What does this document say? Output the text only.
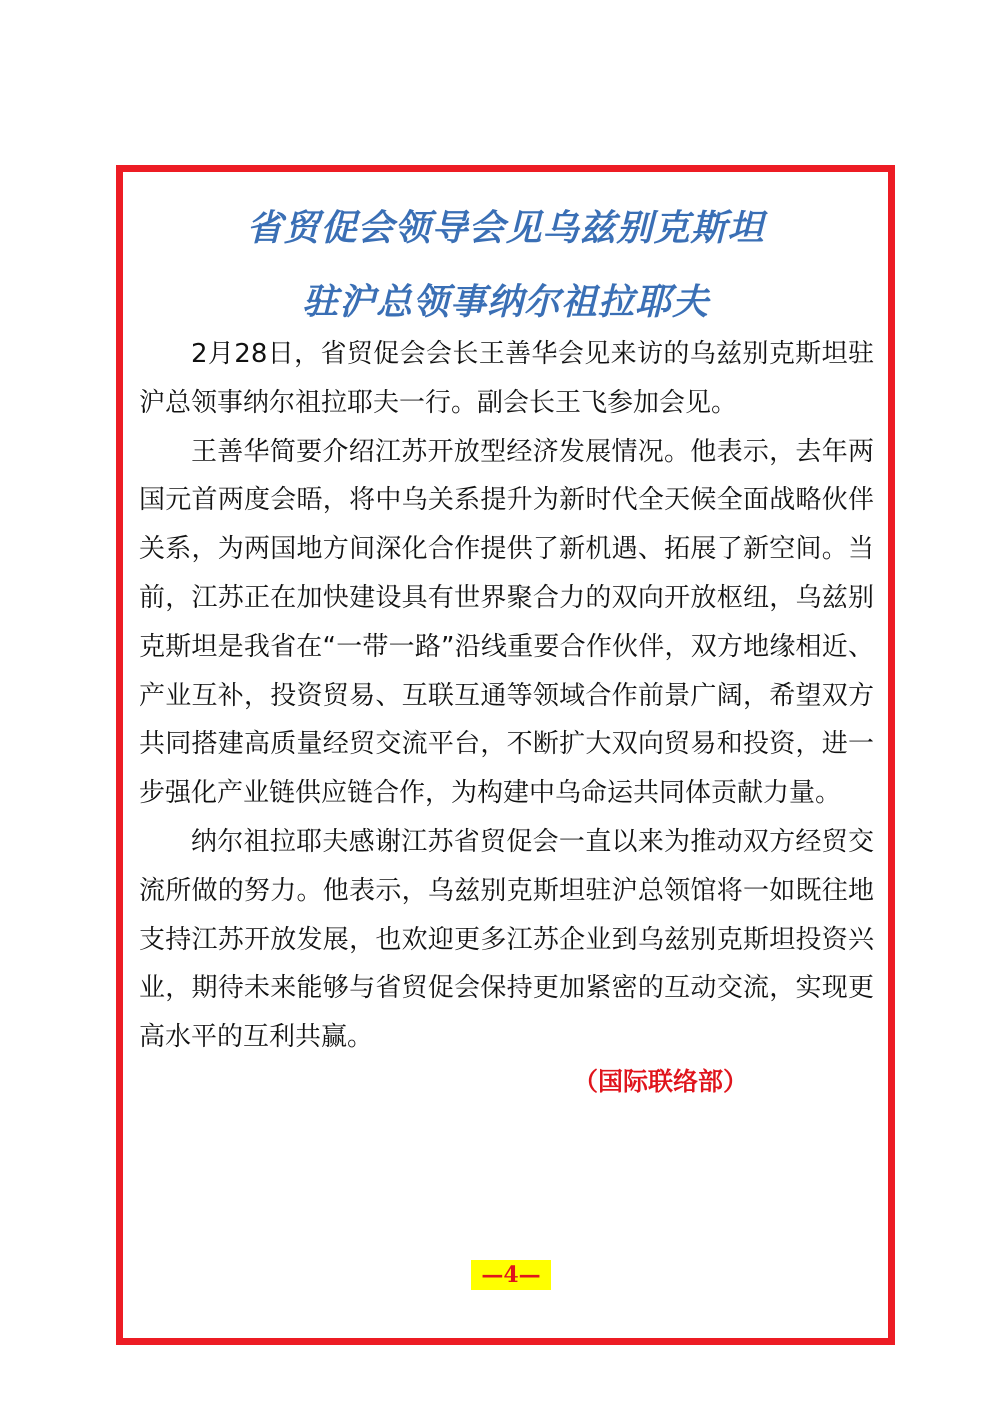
省贸促会领导会见乌兹别克斯坦
驻沪总领事纳尔祖拉耶夫

2月28日，省贸促会会长王善华会见来访的乌兹别克斯坦驻沪总领事纳尔祖拉耶夫一行。副会长王飞参加会见。

王善华简要介绍江苏开放型经济发展情况。他表示，去年两国元首两度会晤，将中乌关系提升为新时代全天候全面战略伙伴关系，为两国地方间深化合作提供了新机遇、拓展了新空间。当前，江苏正在加快建设具有世界聚合力的双向开放枢纽，乌兹别克斯坦是我省在“一带一路”沿线重要合作伙伴，双方地缘相近、产业互补，投资贸易、互联互通等领域合作前景广阔，希望双方共同搭建高质量经贸交流平台，不断扩大双向贸易和投资，进一步强化产业链供应链合作，为构建中乌命运共同体贡献力量。

纳尔祖拉耶夫感谢江苏省贸促会一直以来为推动双方经贸交流所做的努力。他表示，乌兹别克斯坦驻沪总领馆将一如既往地支持江苏开放发展，也欢迎更多江苏企业到乌兹别克斯坦投资兴业，期待未来能够与省贸促会保持更加紧密的互动交流，实现更高水平的互利共赢。

（国际联络部）
—4—
